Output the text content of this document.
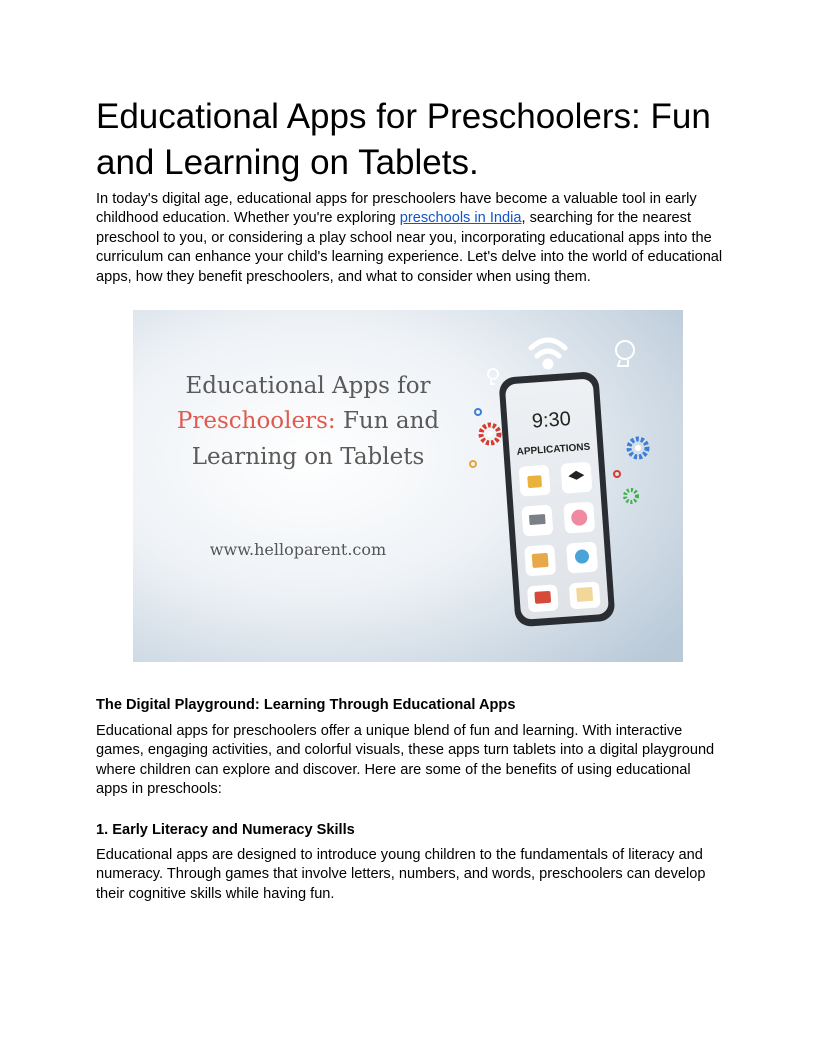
Educational Apps for Preschoolers: Fun and Learning on Tablets.

In today's digital age, educational apps for preschoolers have become a valuable tool in early childhood education. Whether you're exploring preschools in India, searching for the nearest preschool to you, or considering a play school near you, incorporating educational apps into the curriculum can enhance your child's learning experience. Let's delve into the world of educational apps, how they benefit preschoolers, and what to consider when using them.

Educational Apps for
Preschoolers: Fun and
Learning on Tablets
www.helloparent.com
9:30
APPLICATIONS

The Digital Playground: Learning Through Educational Apps

Educational apps for preschoolers offer a unique blend of fun and learning. With interactive games, engaging activities, and colorful visuals, these apps turn tablets into a digital playground where children can explore and discover. Here are some of the benefits of using educational apps in preschools:

1. Early Literacy and Numeracy Skills

Educational apps are designed to introduce young children to the fundamentals of literacy and numeracy. Through games that involve letters, numbers, and words, preschoolers can develop their cognitive skills while having fun.
